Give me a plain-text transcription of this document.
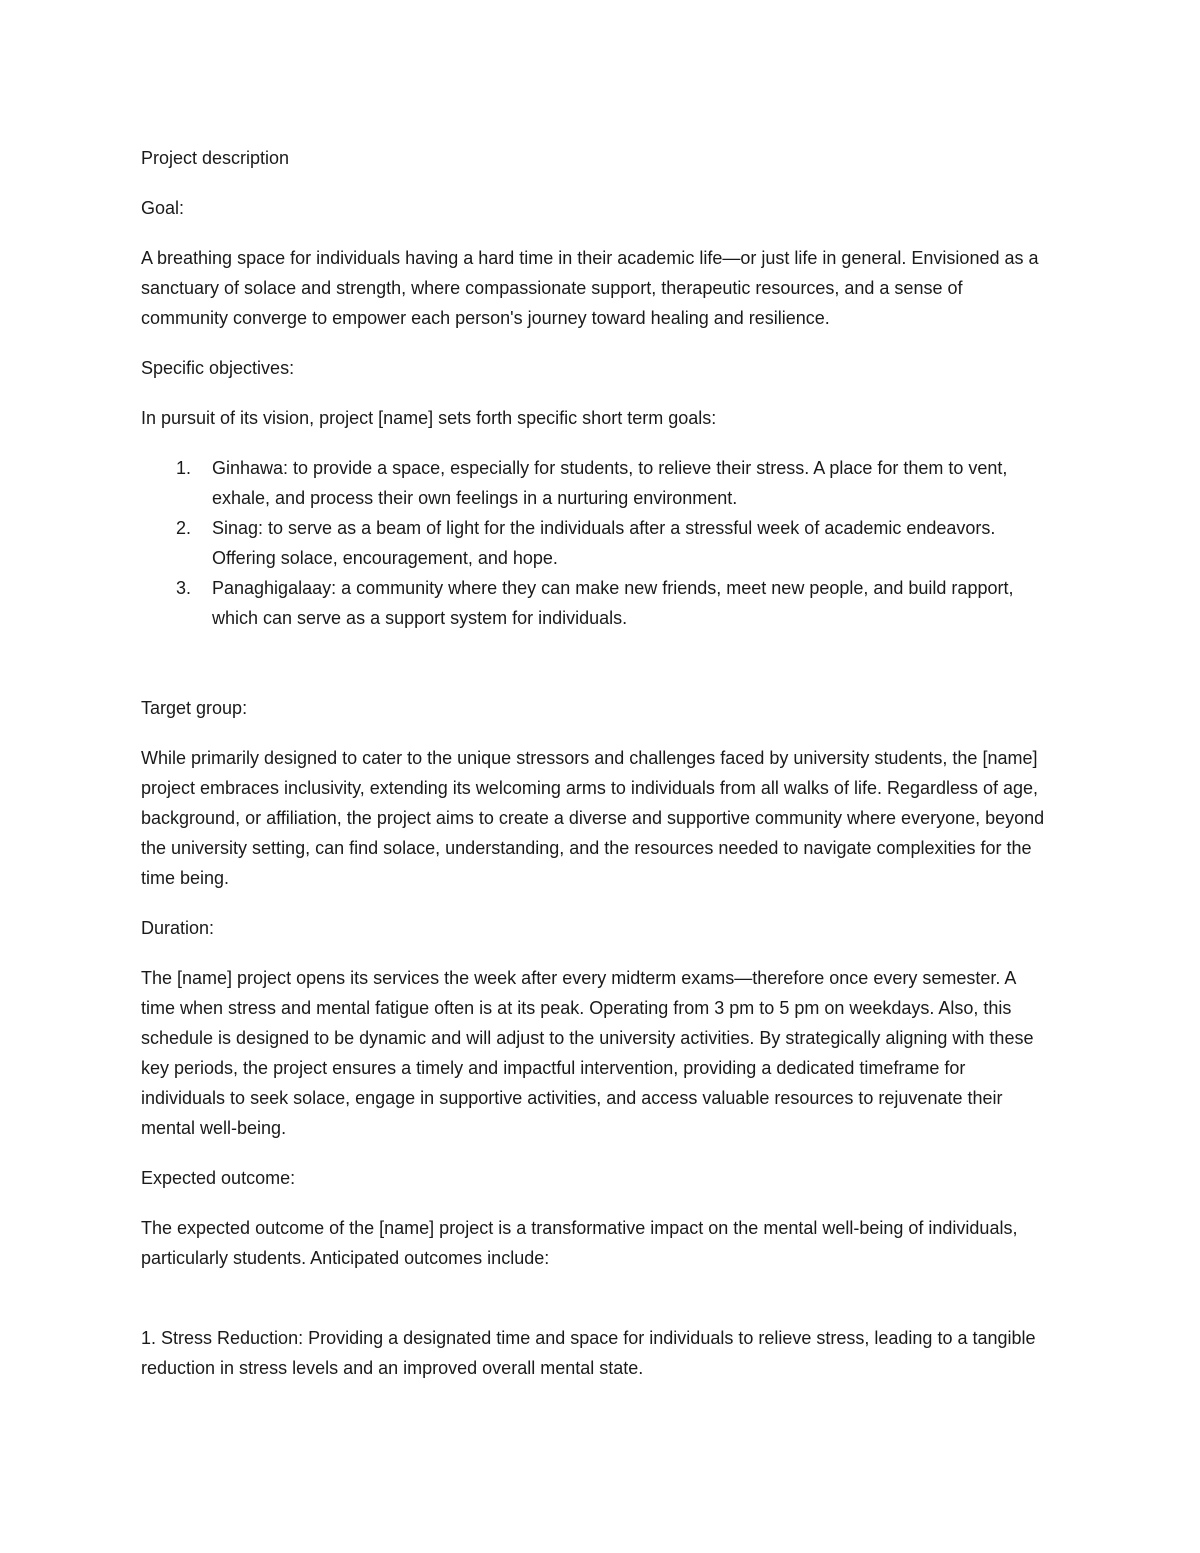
Project description

Goal:

A breathing space for individuals having a hard time in their academic life—or just life in general. Envisioned as a sanctuary of solace and strength, where compassionate support, therapeutic resources, and a sense of community converge to empower each person's journey toward healing and resilience.

Specific objectives:

In pursuit of its vision, project [name] sets forth specific short term goals:

1. Ginhawa: to provide a space, especially for students, to relieve their stress. A place for them to vent, exhale, and process their own feelings in a nurturing environment.
2. Sinag: to serve as a beam of light for the individuals after a stressful week of academic endeavors. Offering solace, encouragement, and hope.
3. Panaghigalaay: a community where they can make new friends, meet new people, and build rapport, which can serve as a support system for individuals.

Target group:

While primarily designed to cater to the unique stressors and challenges faced by university students, the [name] project embraces inclusivity, extending its welcoming arms to individuals from all walks of life. Regardless of age, background, or affiliation, the project aims to create a diverse and supportive community where everyone, beyond the university setting, can find solace, understanding, and the resources needed to navigate complexities for the time being.

Duration:

The [name] project opens its services the week after every midterm exams—therefore once every semester. A time when stress and mental fatigue often is at its peak. Operating from 3 pm to 5 pm on weekdays. Also, this schedule is designed to be dynamic and will adjust to the university activities. By strategically aligning with these key periods, the project ensures a timely and impactful intervention, providing a dedicated timeframe for individuals to seek solace, engage in supportive activities, and access valuable resources to rejuvenate their mental well-being.

Expected outcome:

The expected outcome of the [name] project is a transformative impact on the mental well-being of individuals, particularly students. Anticipated outcomes include:

1. Stress Reduction: Providing a designated time and space for individuals to relieve stress, leading to a tangible reduction in stress levels and an improved overall mental state.
